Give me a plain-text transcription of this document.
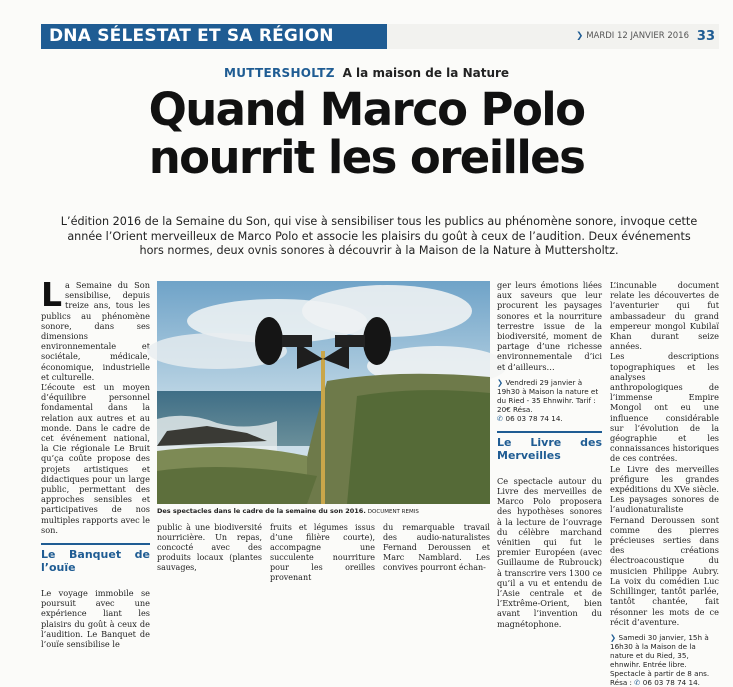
DNA SÉLESTAT ET SA RÉGION	❯ MARDI 12 JANVIER 2016 33
MUTTERSHOLTZ A la maison de la Nature
Quand Marco Polo
nourrit les oreilles
L’édition 2016 de la Semaine du Son, qui vise à sensibiliser tous les publics au phénomène sonore, invoque cette année l’Orient merveilleux de Marco Polo et associe les plaisirs du goût à ceux de l’audition. Deux événements hors normes, deux ovnis sonores à découvrir à la Maison de la Nature à Muttersholtz.

La Semaine du Son sensibilise, depuis treize ans, tous les publics au phénomène sonore, dans ses dimensions environnementale et sociétale, médicale, économique, industrielle et culturelle.

L’écoute est un moyen d’équilibre personnel fondamental dans la relation aux autres et au monde. Dans le cadre de cet événement national, la Cie régionale Le Bruit qu’ça coûte propose des projets artistiques et didactiques pour un large public, permettant des approches sensibles et participatives de nos multiples rapports avec le son.

Le Banquet de l’ouïe

Le voyage immobile se poursuit avec une expérience liant les plaisirs du goût à ceux de l’audition. Le Banquet de l’ouïe sensibilise le

Des spectacles dans le cadre de la semaine du son 2016. DOCUMENT REMIS
public à une biodiversité nourricière. Un repas, concocté avec des produits locaux (plantes sauvages,
fruits et légumes issus d’une filière courte), accompagne une succulente nourriture pour les oreilles provenant
du remarquable travail des audio-naturalistes Fernand Deroussen et Marc Namblard. Les convives pourront échan-

ger leurs émotions liées aux saveurs que leur procurent les paysages sonores et la nourriture terrestre issue de la biodiversité, moment de partage d’une richesse environnementale d’ici et d’ailleurs…

❯ Vendredi 29 janvier à 19h30 à Maison la nature et du Ried - 35 Ehnwihr. Tarif : 20€ Résa.
✆ 06 03 78 74 14.
Le Livre des Merveilles

Ce spectacle autour du Livre des merveilles de Marco Polo proposera des hypothèses sonores à la lecture de l’ouvrage du célèbre marchand vénitien qui fut le premier Européen (avec Guillaume de Rubrouck) à transcrire vers 1300 ce qu’il a vu et entendu de l’Asie centrale et de l’Extrême-Orient, bien avant l’invention du magnétophone.

L’incunable document relate les découvertes de l’aventurier qui fut ambassadeur du grand empereur mongol Kubilaï Khan durant seize années.

Les descriptions topographiques et les analyses anthropologiques de l’immense Empire Mongol ont eu une influence considérable sur l’évolution de la géographie et les connaissances historiques de ces contrées.

Le Livre des merveilles préfigure les grandes expéditions du XVe siècle. Les paysages sonores de l’audionaturaliste Fernand Deroussen sont comme des pierres précieuses serties dans des créations électroacoustique du musicien Philippe Aubry. La voix du comédien Luc Schillinger, tantôt parlée, tantôt chantée, fait résonner les mots de ce récit d’aventure.

❯ Samedi 30 janvier, 15h à 16h30 à la Maison de la nature et du Ried, 35, ehnwihr. Entrée libre. Spectacle à partir de 8 ans. Résa : ✆ 06 03 78 74 14.
